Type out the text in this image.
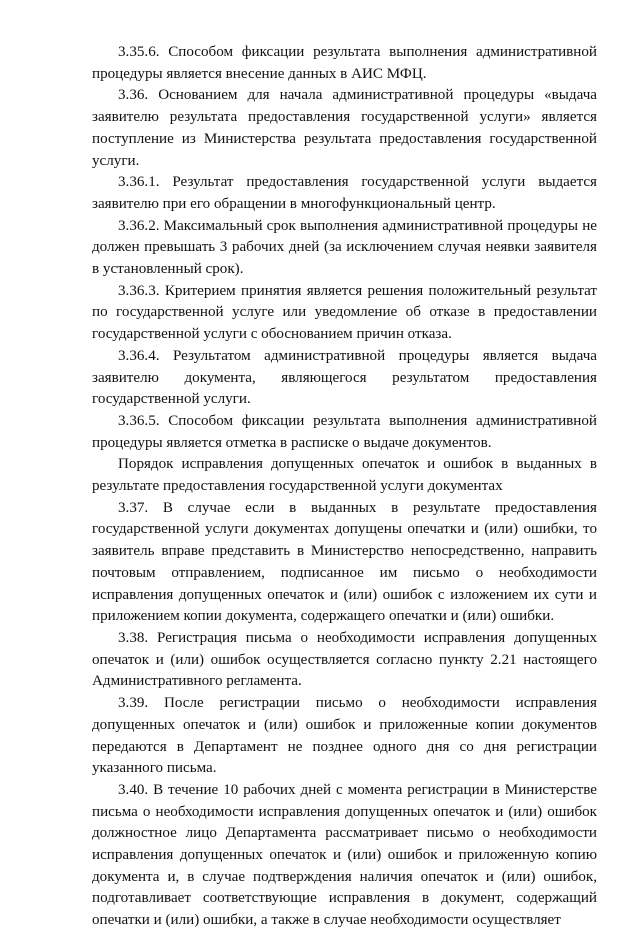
3.35.6. Способом фиксации результата выполнения административной процедуры является внесение данных в АИС МФЦ.

3.36. Основанием для начала административной процедуры «выдача заявителю результата предоставления государственной услуги» является поступление из Министерства результата предоставления государственной услуги.

3.36.1. Результат предоставления государственной услуги выдается заявителю при его обращении в многофункциональный центр.

3.36.2. Максимальный срок выполнения административной процедуры не должен превышать 3 рабочих дней (за исключением случая неявки заявителя в установленный срок).

3.36.3. Критерием принятия является решения положительный результат по государственной услуге или уведомление об отказе в предоставлении государственной услуги с обоснованием причин отказа.

3.36.4. Результатом административной процедуры является выдача заявителю документа, являющегося результатом предоставления государственной услуги.

3.36.5. Способом фиксации результата выполнения административной процедуры является отметка в расписке о выдаче документов.

Порядок исправления допущенных опечаток и ошибок в выданных в результате предоставления государственной услуги документах

3.37. В случае если в выданных в результате предоставления государственной услуги документах допущены опечатки и (или) ошибки, то заявитель вправе представить в Министерство непосредственно, направить почтовым отправлением, подписанное им письмо о необходимости исправления допущенных опечаток и (или) ошибок с изложением их сути и приложением копии документа, содержащего опечатки и (или) ошибки.

3.38. Регистрация письма о необходимости исправления допущенных опечаток и (или) ошибок осуществляется согласно пункту 2.21 настоящего Административного регламента.

3.39. После регистрации письмо о необходимости исправления допущенных опечаток и (или) ошибок и приложенные копии документов передаются в Департамент не позднее одного дня со дня регистрации указанного письма.

3.40. В течение 10 рабочих дней с момента регистрации в Министерстве письма о необходимости исправления допущенных опечаток и (или) ошибок должностное лицо Департамента рассматривает письмо о необходимости исправления допущенных опечаток и (или) ошибок и приложенную копию документа и, в случае подтверждения наличия опечаток и (или) ошибок, подготавливает соответствующие исправления в документ, содержащий опечатки и (или) ошибки, а также в случае необходимости осуществляет
